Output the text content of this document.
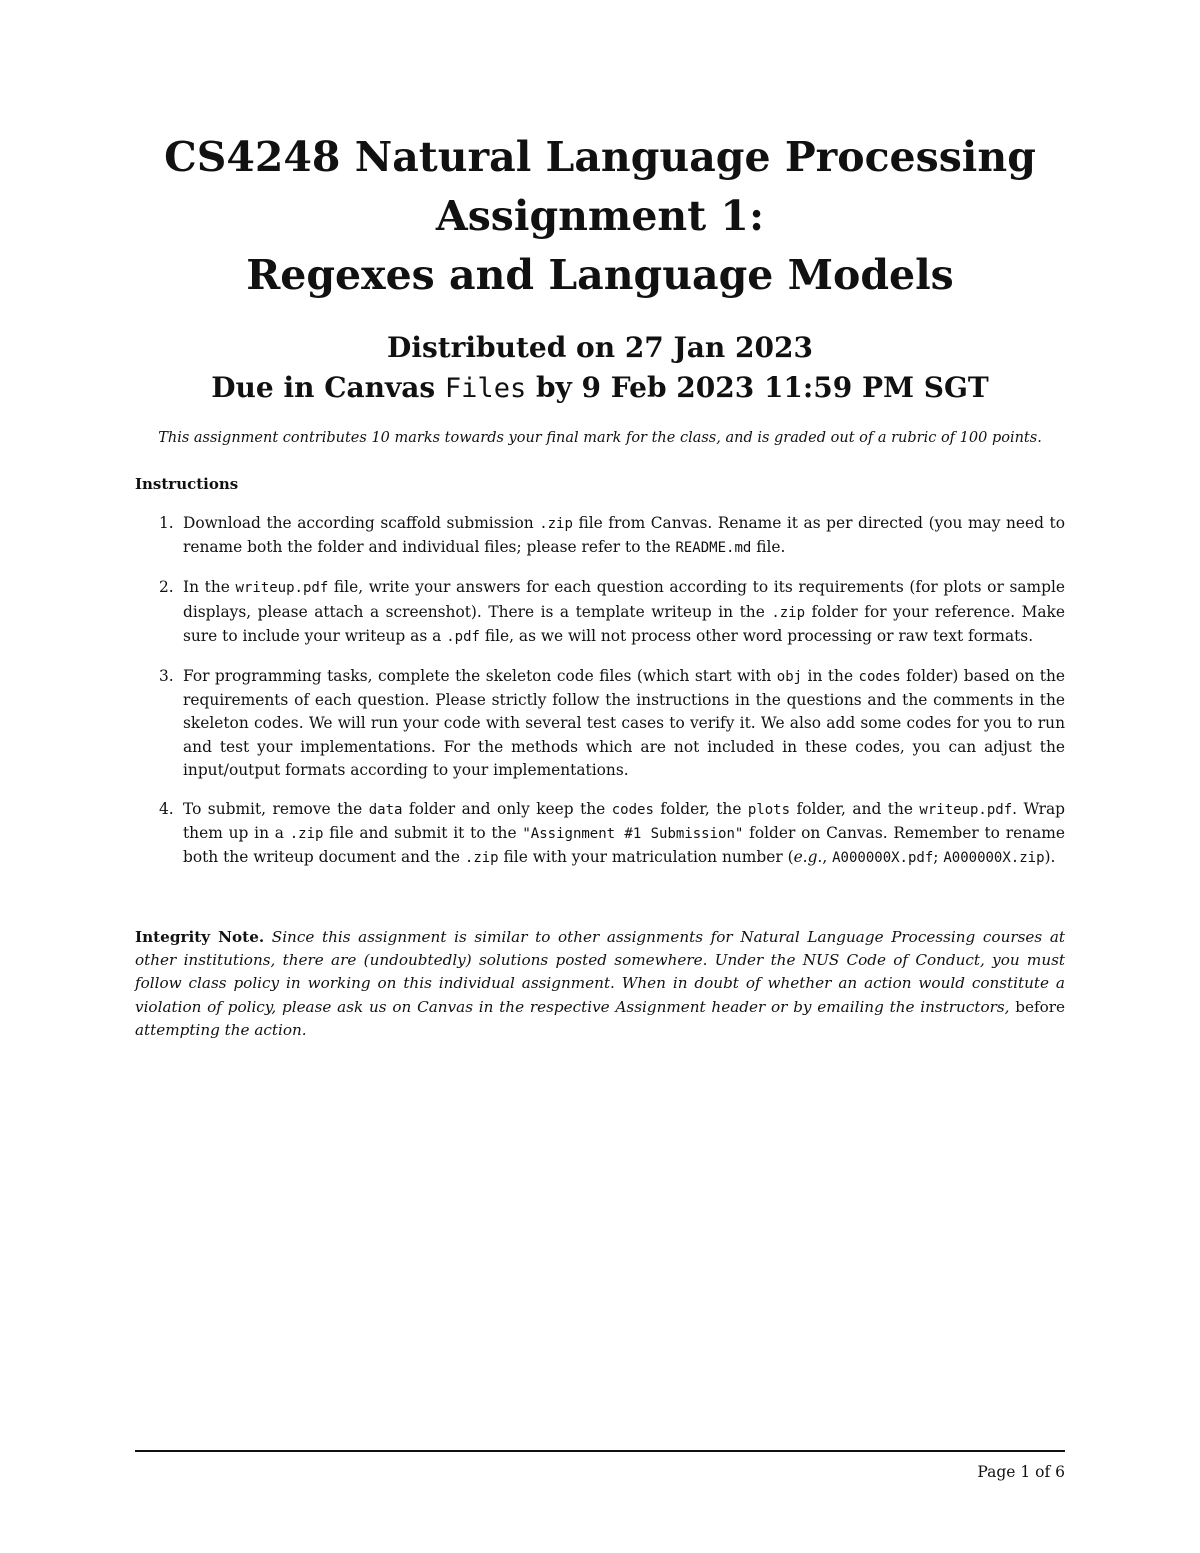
CS4248 Natural Language Processing
Assignment 1:
Regexes and Language Models
Distributed on 27 Jan 2023
Due in Canvas Files by 9 Feb 2023 11:59 PM SGT
This assignment contributes 10 marks towards your final mark for the class, and is graded out of a rubric of 100 points.
Instructions
1. Download the according scaffold submission .zip file from Canvas. Rename it as per directed (you may need to rename both the folder and individual files; please refer to the README.md file.
2. In the writeup.pdf file, write your answers for each question according to its requirements (for plots or sample displays, please attach a screenshot). There is a template writeup in the .zip folder for your reference. Make sure to include your writeup as a .pdf file, as we will not process other word processing or raw text formats.
3. For programming tasks, complete the skeleton code files (which start with obj in the codes folder) based on the requirements of each question. Please strictly follow the instructions in the questions and the comments in the skeleton codes. We will run your code with several test cases to verify it. We also add some codes for you to run and test your implementations. For the methods which are not included in these codes, you can adjust the input/output formats according to your implementations.
4. To submit, remove the data folder and only keep the codes folder, the plots folder, and the writeup.pdf. Wrap them up in a .zip file and submit it to the "Assignment #1 Submission" folder on Canvas. Remember to rename both the writeup document and the .zip file with your matriculation number (e.g., A000000X.pdf; A000000X.zip).
Integrity Note. Since this assignment is similar to other assignments for Natural Language Processing courses at other institutions, there are (undoubtedly) solutions posted somewhere. Under the NUS Code of Conduct, you must follow class policy in working on this individual assignment. When in doubt of whether an action would constitute a violation of policy, please ask us on Canvas in the respective Assignment header or by emailing the instructors, before attempting the action.
Page 1 of 6
